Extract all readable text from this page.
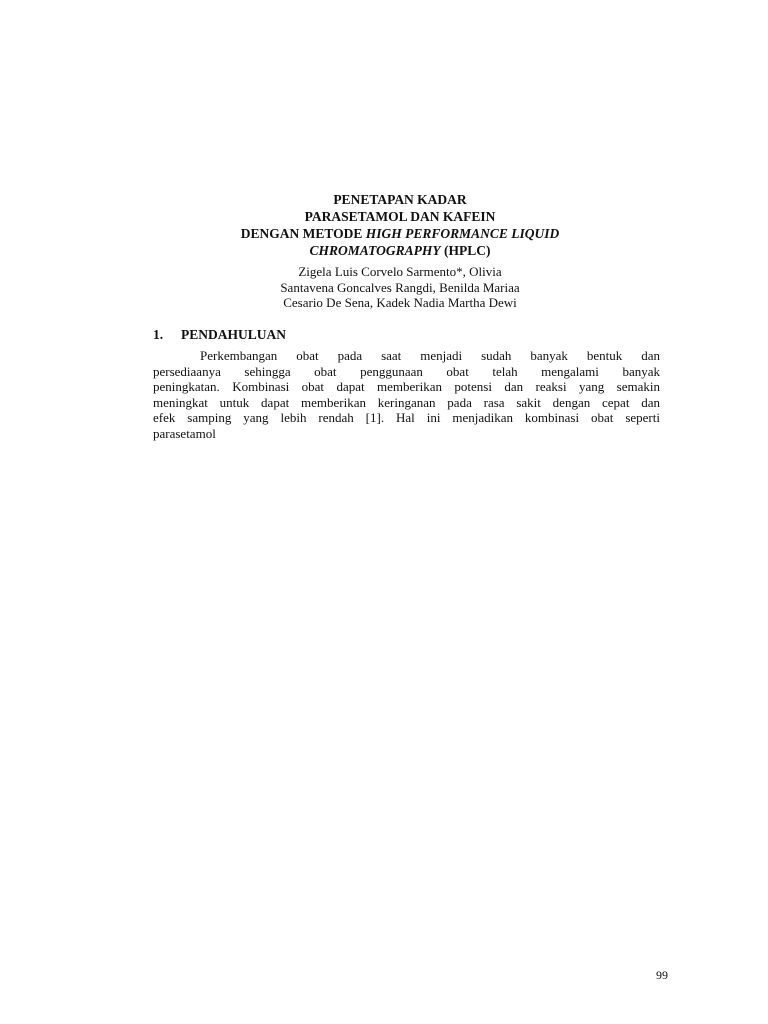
PENETAPAN KADAR
PARASETAMOL DAN KAFEIN
DENGAN METODE HIGH PERFORMANCE LIQUID
CHROMATOGRAPHY (HPLC)
Zigela Luis Corvelo Sarmento*, Olivia
Santavena Goncalves Rangdi, Benilda Mariaa
Cesario De Sena, Kadek Nadia Martha Dewi
1. PENDAHULUAN
Perkembangan obat pada saat menjadi sudah banyak bentuk dan
persediaanya sehingga obat penggunaan obat telah mengalami banyak
peningkatan. Kombinasi obat dapat memberikan potensi dan reaksi yang semakin
meningkat untuk dapat memberikan keringanan pada rasa sakit dengan cepat dan
efek samping yang lebih rendah [1]. Hal ini menjadikan kombinasi obat seperti
parasetamol
99
